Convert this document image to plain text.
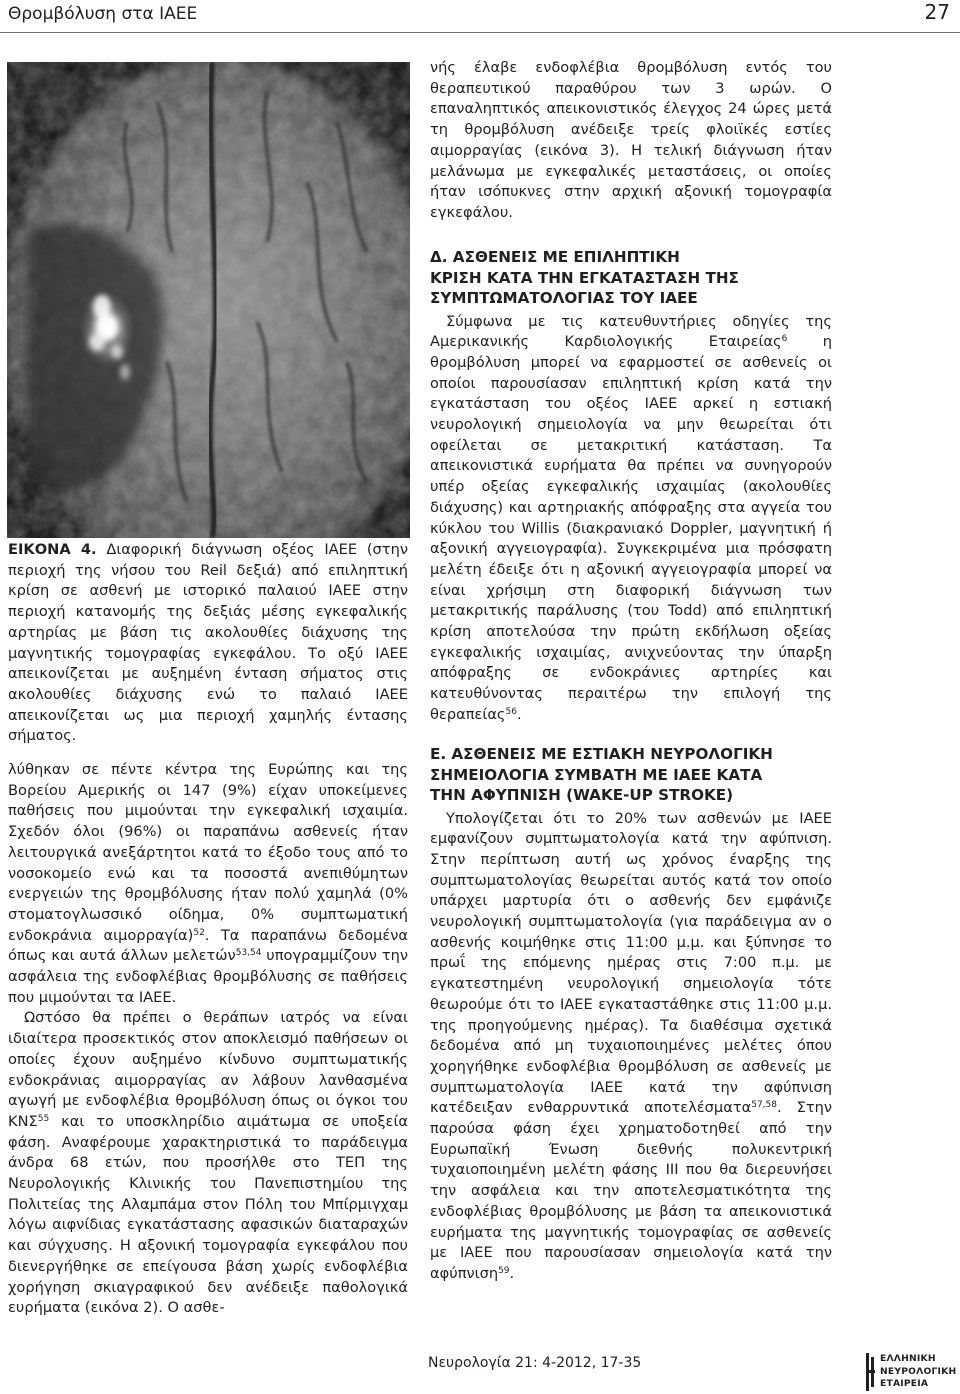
Θρομβόλυση στα ΙΑΕΕ	27

ΕΙΚΟΝΑ 4. Διαφορική διάγνωση οξέος ΙΑΕΕ (στην περιοχή της νήσου του Reil δεξιά) από επιληπτική κρίση σε ασθενή με ιστορικό παλαιού ΙΑΕΕ στην περιοχή κατανομής της δεξιάς μέσης εγκεφαλικής αρτηρίας με βάση τις ακολουθίες διάχυσης της μαγνητικής τομογραφίας εγκεφάλου. Το οξύ ΙΑΕΕ απεικονίζεται με αυξημένη ένταση σήματος στις ακολουθίες διάχυσης ενώ το παλαιό ΙΑΕΕ απεικονίζεται ως μια περιοχή χαμηλής έντασης σήματος.

λύθηκαν σε πέντε κέντρα της Ευρώπης και της Βορείου Αμερικής οι 147 (9%) είχαν υποκείμενες παθήσεις που μιμούνται την εγκεφαλική ισχαιμία. Σχεδόν όλοι (96%) οι παραπάνω ασθενείς ήταν λειτουργικά ανεξάρτητοι κατά το έξοδο τους από το νοσοκομείο ενώ και τα ποσοστά ανεπιθύμητων ενεργειών της θρομβόλυσης ήταν πολύ χαμηλά (0% στοματογλωσσικό οίδημα, 0% συμπτωματική ενδοκράνια αιμορραγία)$^{52}$. Τα παραπάνω δεδομένα όπως και αυτά άλλων μελετών$^{53,54}$ υπογραμμίζουν την ασφάλεια της ενδοφλέβιας θρομβόλυσης σε παθήσεις που μιμούνται τα ΙΑΕΕ.

Ωστόσο θα πρέπει ο θεράπων ιατρός να είναι ιδιαίτερα προσεκτικός στον αποκλεισμό παθήσεων οι οποίες έχουν αυξημένο κίνδυνο συμπτωματικής ενδοκράνιας αιμορραγίας αν λάβουν λανθασμένα αγωγή με ενδοφλέβια θρομβόλυση όπως οι όγκοι του ΚΝΣ$^{55}$ και το υποσκληρίδιο αιμάτωμα σε υποξεία φάση. Αναφέρουμε χαρακτηριστικά το παράδειγμα άνδρα 68 ετών, που προσήλθε στο ΤΕΠ της Νευρολογικής Κλινικής του Πανεπιστημίου της Πολιτείας της Αλαμπάμα στον Πόλη του Μπίρμιγχαμ λόγω αιφνίδιας εγκατάστασης αφασικών διαταραχών και σύγχυσης. Η αξονική τομογραφία εγκεφάλου που διενεργήθηκε σε επείγουσα βάση χωρίς ενδοφλέβια χορήγηση σκιαγραφικού δεν ανέδειξε παθολογικά ευρήματα (εικόνα 2). Ο ασθε-

νής έλαβε ενδοφλέβια θρομβόλυση εντός του θεραπευτικού παραθύρου των 3 ωρών. Ο επαναληπτικός απεικονιστικός έλεγχος 24 ώρες μετά τη θρομβόλυση ανέδειξε τρείς φλοιϊκές εστίες αιμορραγίας (εικόνα 3). Η τελική διάγνωση ήταν μελάνωμα με εγκεφαλικές μεταστάσεις, οι οποίες ήταν ισόπυκνες στην αρχική αξονική τομογραφία εγκεφάλου.

Δ. ΑΣΘΕΝΕΙΣ ΜΕ ΕΠΙΛΗΠΤΙΚΗ
ΚΡΙΣΗ ΚΑΤΑ ΤΗΝ ΕΓΚΑΤΑΣΤΑΣΗ ΤΗΣ
ΣΥΜΠΤΩΜΑΤΟΛΟΓΙΑΣ ΤΟΥ ΙΑΕΕ

Σύμφωνα με τις κατευθυντήριες οδηγίες της Αμερικανικής Καρδιολογικής Εταιρείας$^6$ η θρομβόλυση μπορεί να εφαρμοστεί σε ασθενείς οι οποίοι παρουσίασαν επιληπτική κρίση κατά την εγκατάσταση του οξέος ΙΑΕΕ αρκεί η εστιακή νευρολογική σημειολογία να μην θεωρείται ότι οφείλεται σε μετακριτική κατάσταση. Τα απεικονιστικά ευρήματα θα πρέπει να συνηγορούν υπέρ οξείας εγκεφαλικής ισχαιμίας (ακολουθίες διάχυσης) και αρτηριακής απόφραξης στα αγγεία του κύκλου του Willis (διακρανιακό Doppler, μαγνητική ή αξονική αγγειογραφία). Συγκεκριμένα μια πρόσφατη μελέτη έδειξε ότι η αξονική αγγειογραφία μπορεί να είναι χρήσιμη στη διαφορική διάγνωση των μετακριτικής παράλυσης (του Todd) από επιληπτική κρίση αποτελούσα την πρώτη εκδήλωση οξείας εγκεφαλικής ισχαιμίας, ανιχνεύοντας την ύπαρξη απόφραξης σε ενδοκράνιες αρτηρίες και κατευθύνοντας περαιτέρω την επιλογή της θεραπείας$^{56}$.

Ε. ΑΣΘΕΝΕΙΣ ΜΕ ΕΣΤΙΑΚΗ ΝΕΥΡΟΛΟΓΙΚΗ
ΣΗΜΕΙΟΛΟΓΙΑ ΣΥΜΒΑΤΗ ΜΕ ΙΑΕΕ ΚΑΤΑ
ΤΗΝ ΑΦΥΠΝΙΣΗ (WAKE-UP STROKE)

Υπολογίζεται ότι το 20% των ασθενών με ΙΑΕΕ εμφανίζουν συμπτωματολογία κατά την αφύπνιση. Στην περίπτωση αυτή ως χρόνος έναρξης της συμπτωματολογίας θεωρείται αυτός κατά τον οποίο υπάρχει μαρτυρία ότι ο ασθενής δεν εμφάνιζε νευρολογική συμπτωματολογία (για παράδειγμα αν ο ασθενής κοιμήθηκε στις 11:00 μ.μ. και ξύπνησε το πρωΐ της επόμενης ημέρας στις 7:00 π.μ. με εγκατεστημένη νευρολογική σημειολογία τότε θεωρούμε ότι το ΙΑΕΕ εγκαταστάθηκε στις 11:00 μ.μ. της προηγούμενης ημέρας). Τα διαθέσιμα σχετικά δεδομένα από μη τυχαιοποιημένες μελέτες όπου χορηγήθηκε ενδοφλέβια θρομβόλυση σε ασθενείς με συμπτωματολογία ΙΑΕΕ κατά την αφύπνιση κατέδειξαν ενθαρρυντικά αποτελέσματα$^{57,58}$. Στην παρούσα φάση έχει χρηματοδοτηθεί από την Ευρωπαϊκή Ένωση διεθνής πολυκεντρική τυχαιοποιημένη μελέτη φάσης ΙΙΙ που θα διερευνήσει την ασφάλεια και την αποτελεσματικότητα της ενδοφλέβιας θρομβόλυσης με βάση τα απεικονιστικά ευρήματα της μαγνητικής τομογραφίας σε ασθενείς με ΙΑΕΕ που παρουσίασαν σημειολογία κατά την αφύπνιση$^{59}$.

Νευρολογία 21: 4-2012, 17-35	ΕΛΛΗΝΙΚΗ
ΝΕΥΡΟΛΟΓΙΚΗ
ΕΤΑΙΡΕΙΑ
